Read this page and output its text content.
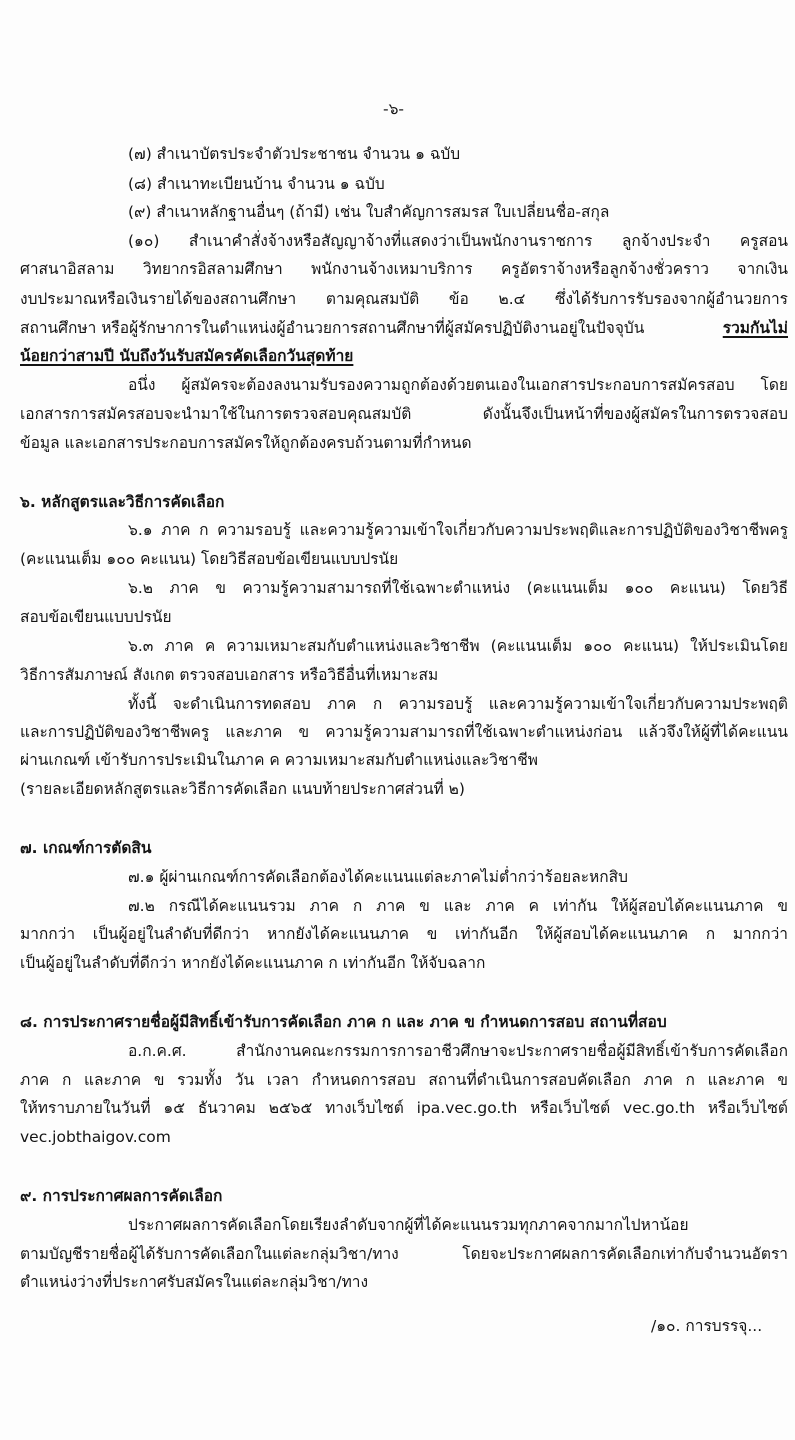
-๖-
(๗) สำเนาบัตรประจำตัวประชาชน จำนวน ๑ ฉบับ
(๘) สำเนาทะเบียนบ้าน จำนวน ๑ ฉบับ
(๙) สำเนาหลักฐานอื่นๆ (ถ้ามี) เช่น ใบสำคัญการสมรส ใบเปลี่ยนชื่อ-สกุล
(๑๐) สำเนาคำสั่งจ้างหรือสัญญาจ้างที่แสดงว่าเป็นพนักงานราชการ ลูกจ้างประจำ ครูสอน
ศาสนาอิสลาม วิทยากรอิสลามศึกษา พนักงานจ้างเหมาบริการ ครูอัตราจ้างหรือลูกจ้างชั่วคราว จากเงิน
งบประมาณหรือเงินรายได้ของสถานศึกษา ตามคุณสมบัติ ข้อ ๒.๔ ซึ่งได้รับการรับรองจากผู้อำนวยการ
สถานศึกษา หรือผู้รักษาการในตำแหน่งผู้อำนวยการสถานศึกษาที่ผู้สมัครปฏิบัติงานอยู่ในปัจจุบัน	รวมกันไม่
น้อยกว่าสามปี นับถึงวันรับสมัครคัดเลือกวันสุดท้าย
อนึ่ง ผู้สมัครจะต้องลงนามรับรองความถูกต้องด้วยตนเองในเอกสารประกอบการสมัครสอบ โดย
เอกสารการสมัครสอบจะนำมาใช้ในการตรวจสอบคุณสมบัติ ดังนั้นจึงเป็นหน้าที่ของผู้สมัครในการตรวจสอบ
ข้อมูล และเอกสารประกอบการสมัครให้ถูกต้องครบถ้วนตามที่กำหนด
๖. หลักสูตรและวิธีการคัดเลือก
๖.๑ ภาค ก ความรอบรู้ และความรู้ความเข้าใจเกี่ยวกับความประพฤติและการปฏิบัติของวิชาชีพครู
(คะแนนเต็ม ๑๐๐ คะแนน) โดยวิธีสอบข้อเขียนแบบปรนัย
๖.๒ ภาค ข ความรู้ความสามารถที่ใช้เฉพาะตำแหน่ง (คะแนนเต็ม ๑๐๐ คะแนน) โดยวิธี
สอบข้อเขียนแบบปรนัย
๖.๓ ภาค ค ความเหมาะสมกับตำแหน่งและวิชาชีพ (คะแนนเต็ม ๑๐๐ คะแนน) ให้ประเมินโดย
วิธีการสัมภาษณ์ สังเกต ตรวจสอบเอกสาร หรือวิธีอื่นที่เหมาะสม
ทั้งนี้ จะดำเนินการทดสอบ ภาค ก ความรอบรู้ และความรู้ความเข้าใจเกี่ยวกับความประพฤติ
และการปฏิบัติของวิชาชีพครู และภาค ข ความรู้ความสามารถที่ใช้เฉพาะตำแหน่งก่อน แล้วจึงให้ผู้ที่ได้คะแนน
ผ่านเกณฑ์ เข้ารับการประเมินในภาค ค ความเหมาะสมกับตำแหน่งและวิชาชีพ
(รายละเอียดหลักสูตรและวิธีการคัดเลือก แนบท้ายประกาศส่วนที่ ๒)
๗. เกณฑ์การตัดสิน
๗.๑ ผู้ผ่านเกณฑ์การคัดเลือกต้องได้คะแนนแต่ละภาคไม่ต่ำกว่าร้อยละหกสิบ
๗.๒ กรณีได้คะแนนรวม ภาค ก ภาค ข และ ภาค ค เท่ากัน ให้ผู้สอบได้คะแนนภาค ข
มากกว่า เป็นผู้อยู่ในลำดับที่ดีกว่า หากยังได้คะแนนภาค ข เท่ากันอีก ให้ผู้สอบได้คะแนนภาค ก มากกว่า
เป็นผู้อยู่ในลำดับที่ดีกว่า หากยังได้คะแนนภาค ก เท่ากันอีก ให้จับฉลาก
๘. การประกาศรายชื่อผู้มีสิทธิ์เข้ารับการคัดเลือก ภาค ก และ ภาค ข กำหนดการสอบ สถานที่สอบ
อ.ก.ค.ศ. สำนักงานคณะกรรมการการอาชีวศึกษาจะประกาศรายชื่อผู้มีสิทธิ์เข้ารับการคัดเลือก
ภาค ก และภาค ข รวมทั้ง วัน เวลา กำหนดการสอบ สถานที่ดำเนินการสอบคัดเลือก ภาค ก และภาค ข
ให้ทราบภายในวันที่ ๑๕ ธันวาคม ๒๕๖๕ ทางเว็บไซต์ ipa.vec.go.th หรือเว็บไซต์ vec.go.th หรือเว็บไซต์
vec.jobthaigov.com
๙. การประกาศผลการคัดเลือก
ประกาศผลการคัดเลือกโดยเรียงลำดับจากผู้ที่ได้คะแนนรวมทุกภาคจากมากไปหาน้อย
ตามบัญชีรายชื่อผู้ได้รับการคัดเลือกในแต่ละกลุ่มวิชา/ทาง โดยจะประกาศผลการคัดเลือกเท่ากับจำนวนอัตรา
ตำแหน่งว่างที่ประกาศรับสมัครในแต่ละกลุ่มวิชา/ทาง
/๑๐. การบรรจุ...
